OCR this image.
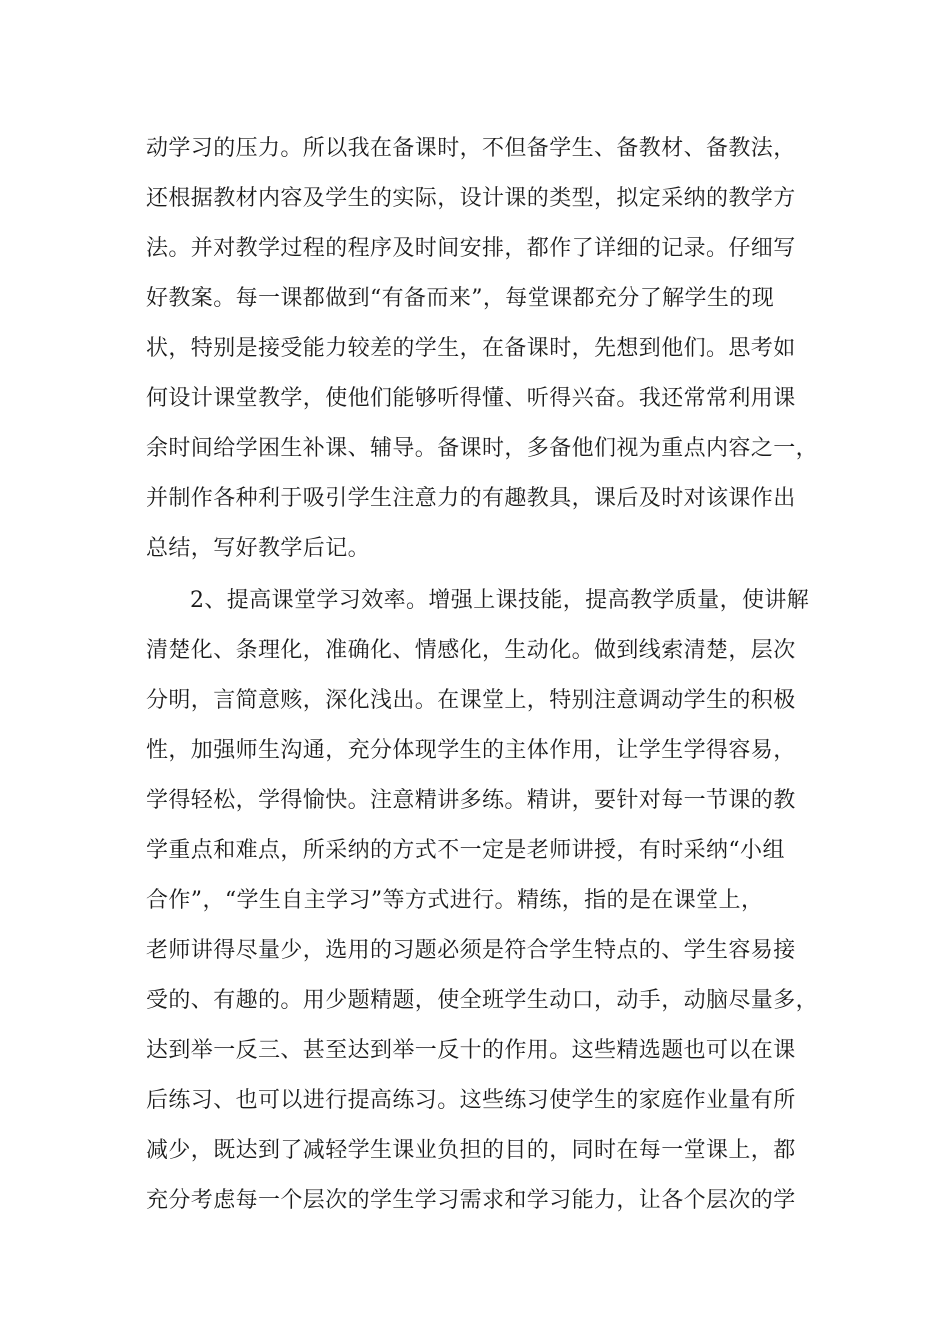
动学习的压力。所以我在备课时，不但备学生、备教材、备教法，
还根据教材内容及学生的实际，设计课的类型，拟定采纳的教学方
法。并对教学过程的程序及时间安排，都作了详细的记录。仔细写
好教案。每一课都做到“有备而来”，每堂课都充分了解学生的现
状，特别是接受能力较差的学生，在备课时，先想到他们。思考如
何设计课堂教学，使他们能够听得懂、听得兴奋。我还常常利用课
余时间给学困生补课、辅导。备课时，多备他们视为重点内容之一，
并制作各种利于吸引学生注意力的有趣教具，课后及时对该课作出
总结，写好教学后记。
2、提高课堂学习效率。增强上课技能，提高教学质量，使讲解
清楚化、条理化，准确化、情感化，生动化。做到线索清楚，层次
分明，言简意赅，深化浅出。在课堂上，特别注意调动学生的积极
性，加强师生沟通，充分体现学生的主体作用，让学生学得容易，
学得轻松，学得愉快。注意精讲多练。精讲，要针对每一节课的教
学重点和难点，所采纳的方式不一定是老师讲授，有时采纳“小组
合作”，“学生自主学习”等方式进行。精练，指的是在课堂上，
老师讲得尽量少，选用的习题必须是符合学生特点的、学生容易接
受的、有趣的。用少题精题，使全班学生动口，动手，动脑尽量多，
达到举一反三、甚至达到举一反十的作用。这些精选题也可以在课
后练习、也可以进行提高练习。这些练习使学生的家庭作业量有所
减少，既达到了减轻学生课业负担的目的，同时在每一堂课上，都
充分考虑每一个层次的学生学习需求和学习能力，让各个层次的学
